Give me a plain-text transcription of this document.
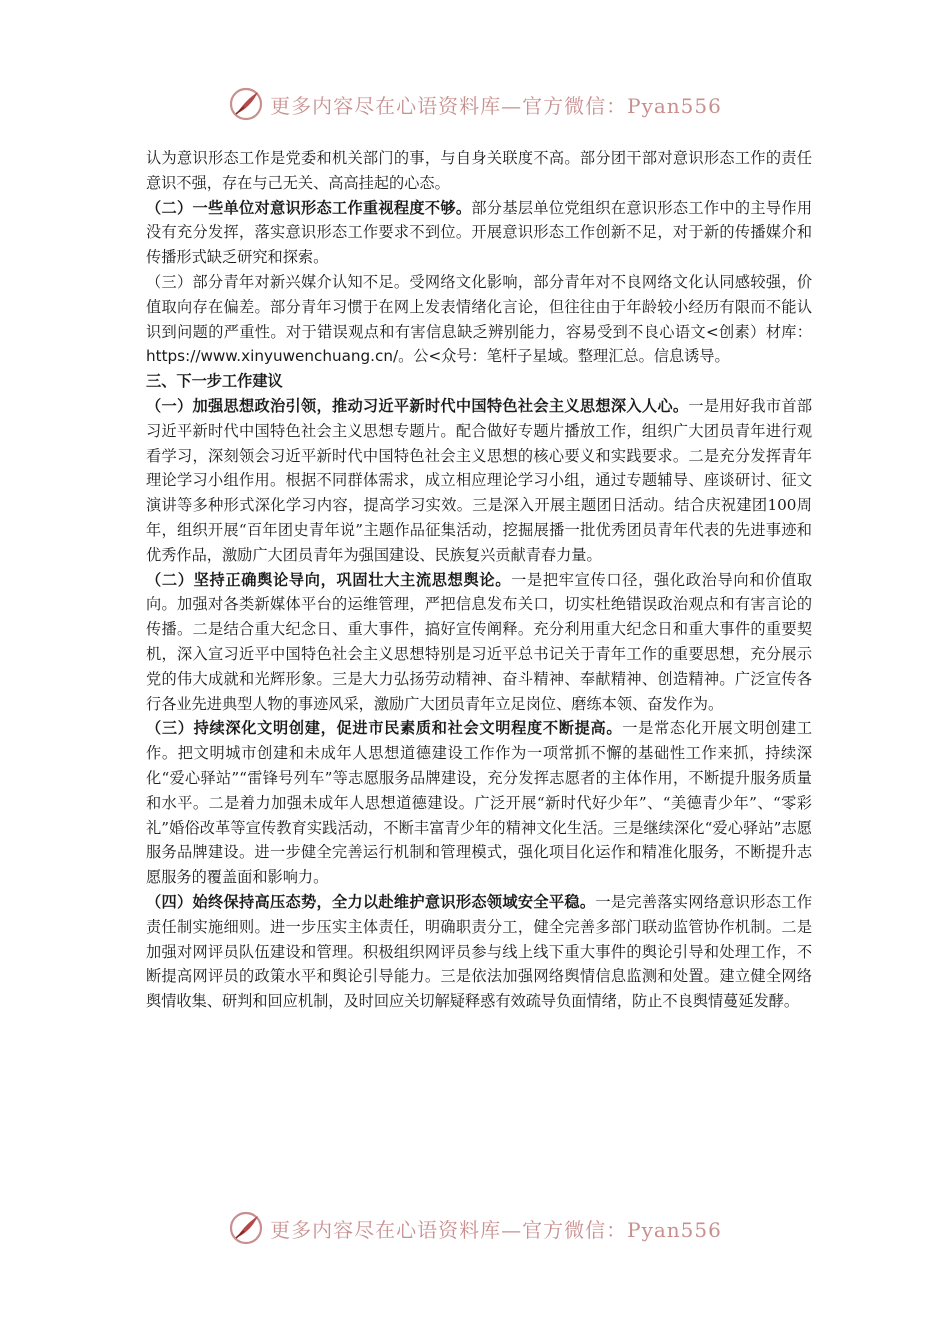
更多内容尽在心语资料库—官方微信：Pyan556

认为意识形态工作是党委和机关部门的事，与自身关联度不高。部分团干部对意识形态工作的责任意识不强，存在与己无关、高高挂起的心态。

（二）一些单位对意识形态工作重视程度不够。部分基层单位党组织在意识形态工作中的主导作用没有充分发挥，落实意识形态工作要求不到位。开展意识形态工作创新不足，对于新的传播媒介和传播形式缺乏研究和探索。

（三）部分青年对新兴媒介认知不足。受网络文化影响，部分青年对不良网络文化认同感较强，价值取向存在偏差。部分青年习惯于在网上发表情绪化言论，但往往由于年龄较小经历有限而不能认识到问题的严重性。对于错误观点和有害信息缺乏辨别能力，容易受到不良心语文<创素）材库：https://www.xinyuwenchuang.cn/。公<众号：笔杆子星域。整理汇总。信息诱导。

三、下一步工作建议

（一）加强思想政治引领，推动习近平新时代中国特色社会主义思想深入人心。一是用好我市首部习近平新时代中国特色社会主义思想专题片。配合做好专题片播放工作，组织广大团员青年进行观看学习，深刻领会习近平新时代中国特色社会主义思想的核心要义和实践要求。二是充分发挥青年理论学习小组作用。根据不同群体需求，成立相应理论学习小组，通过专题辅导、座谈研讨、征文演讲等多种形式深化学习内容，提高学习实效。三是深入开展主题团日活动。结合庆祝建团100周年，组织开展“百年团史青年说”主题作品征集活动，挖掘展播一批优秀团员青年代表的先进事迹和优秀作品，激励广大团员青年为强国建设、民族复兴贡献青春力量。

（二）坚持正确舆论导向，巩固壮大主流思想舆论。一是把牢宣传口径，强化政治导向和价值取向。加强对各类新媒体平台的运维管理，严把信息发布关口，切实杜绝错误政治观点和有害言论的传播。二是结合重大纪念日、重大事件，搞好宣传阐释。充分利用重大纪念日和重大事件的重要契机，深入宣习近平中国特色社会主义思想特别是习近平总书记关于青年工作的重要思想，充分展示党的伟大成就和光辉形象。三是大力弘扬劳动精神、奋斗精神、奉献精神、创造精神。广泛宣传各行各业先进典型人物的事迹风采，激励广大团员青年立足岗位、磨练本领、奋发作为。

（三）持续深化文明创建，促进市民素质和社会文明程度不断提高。一是常态化开展文明创建工作。把文明城市创建和未成年人思想道德建设工作作为一项常抓不懈的基础性工作来抓，持续深化“爱心驿站”“雷锋号列车”等志愿服务品牌建设，充分发挥志愿者的主体作用，不断提升服务质量和水平。二是着力加强未成年人思想道德建设。广泛开展“新时代好少年”、“美德青少年”、“零彩礼”婚俗改革等宣传教育实践活动，不断丰富青少年的精神文化生活。三是继续深化“爱心驿站”志愿服务品牌建设。进一步健全完善运行机制和管理模式，强化项目化运作和精准化服务，不断提升志愿服务的覆盖面和影响力。

（四）始终保持高压态势，全力以赴维护意识形态领域安全平稳。一是完善落实网络意识形态工作责任制实施细则。进一步压实主体责任，明确职责分工，健全完善多部门联动监管协作机制。二是加强对网评员队伍建设和管理。积极组织网评员参与线上线下重大事件的舆论引导和处理工作，不断提高网评员的政策水平和舆论引导能力。三是依法加强网络舆情信息监测和处置。建立健全网络舆情收集、研判和回应机制，及时回应关切解疑释惑有效疏导负面情绪，防止不良舆情蔓延发酵。

更多内容尽在心语资料库—官方微信：Pyan556
